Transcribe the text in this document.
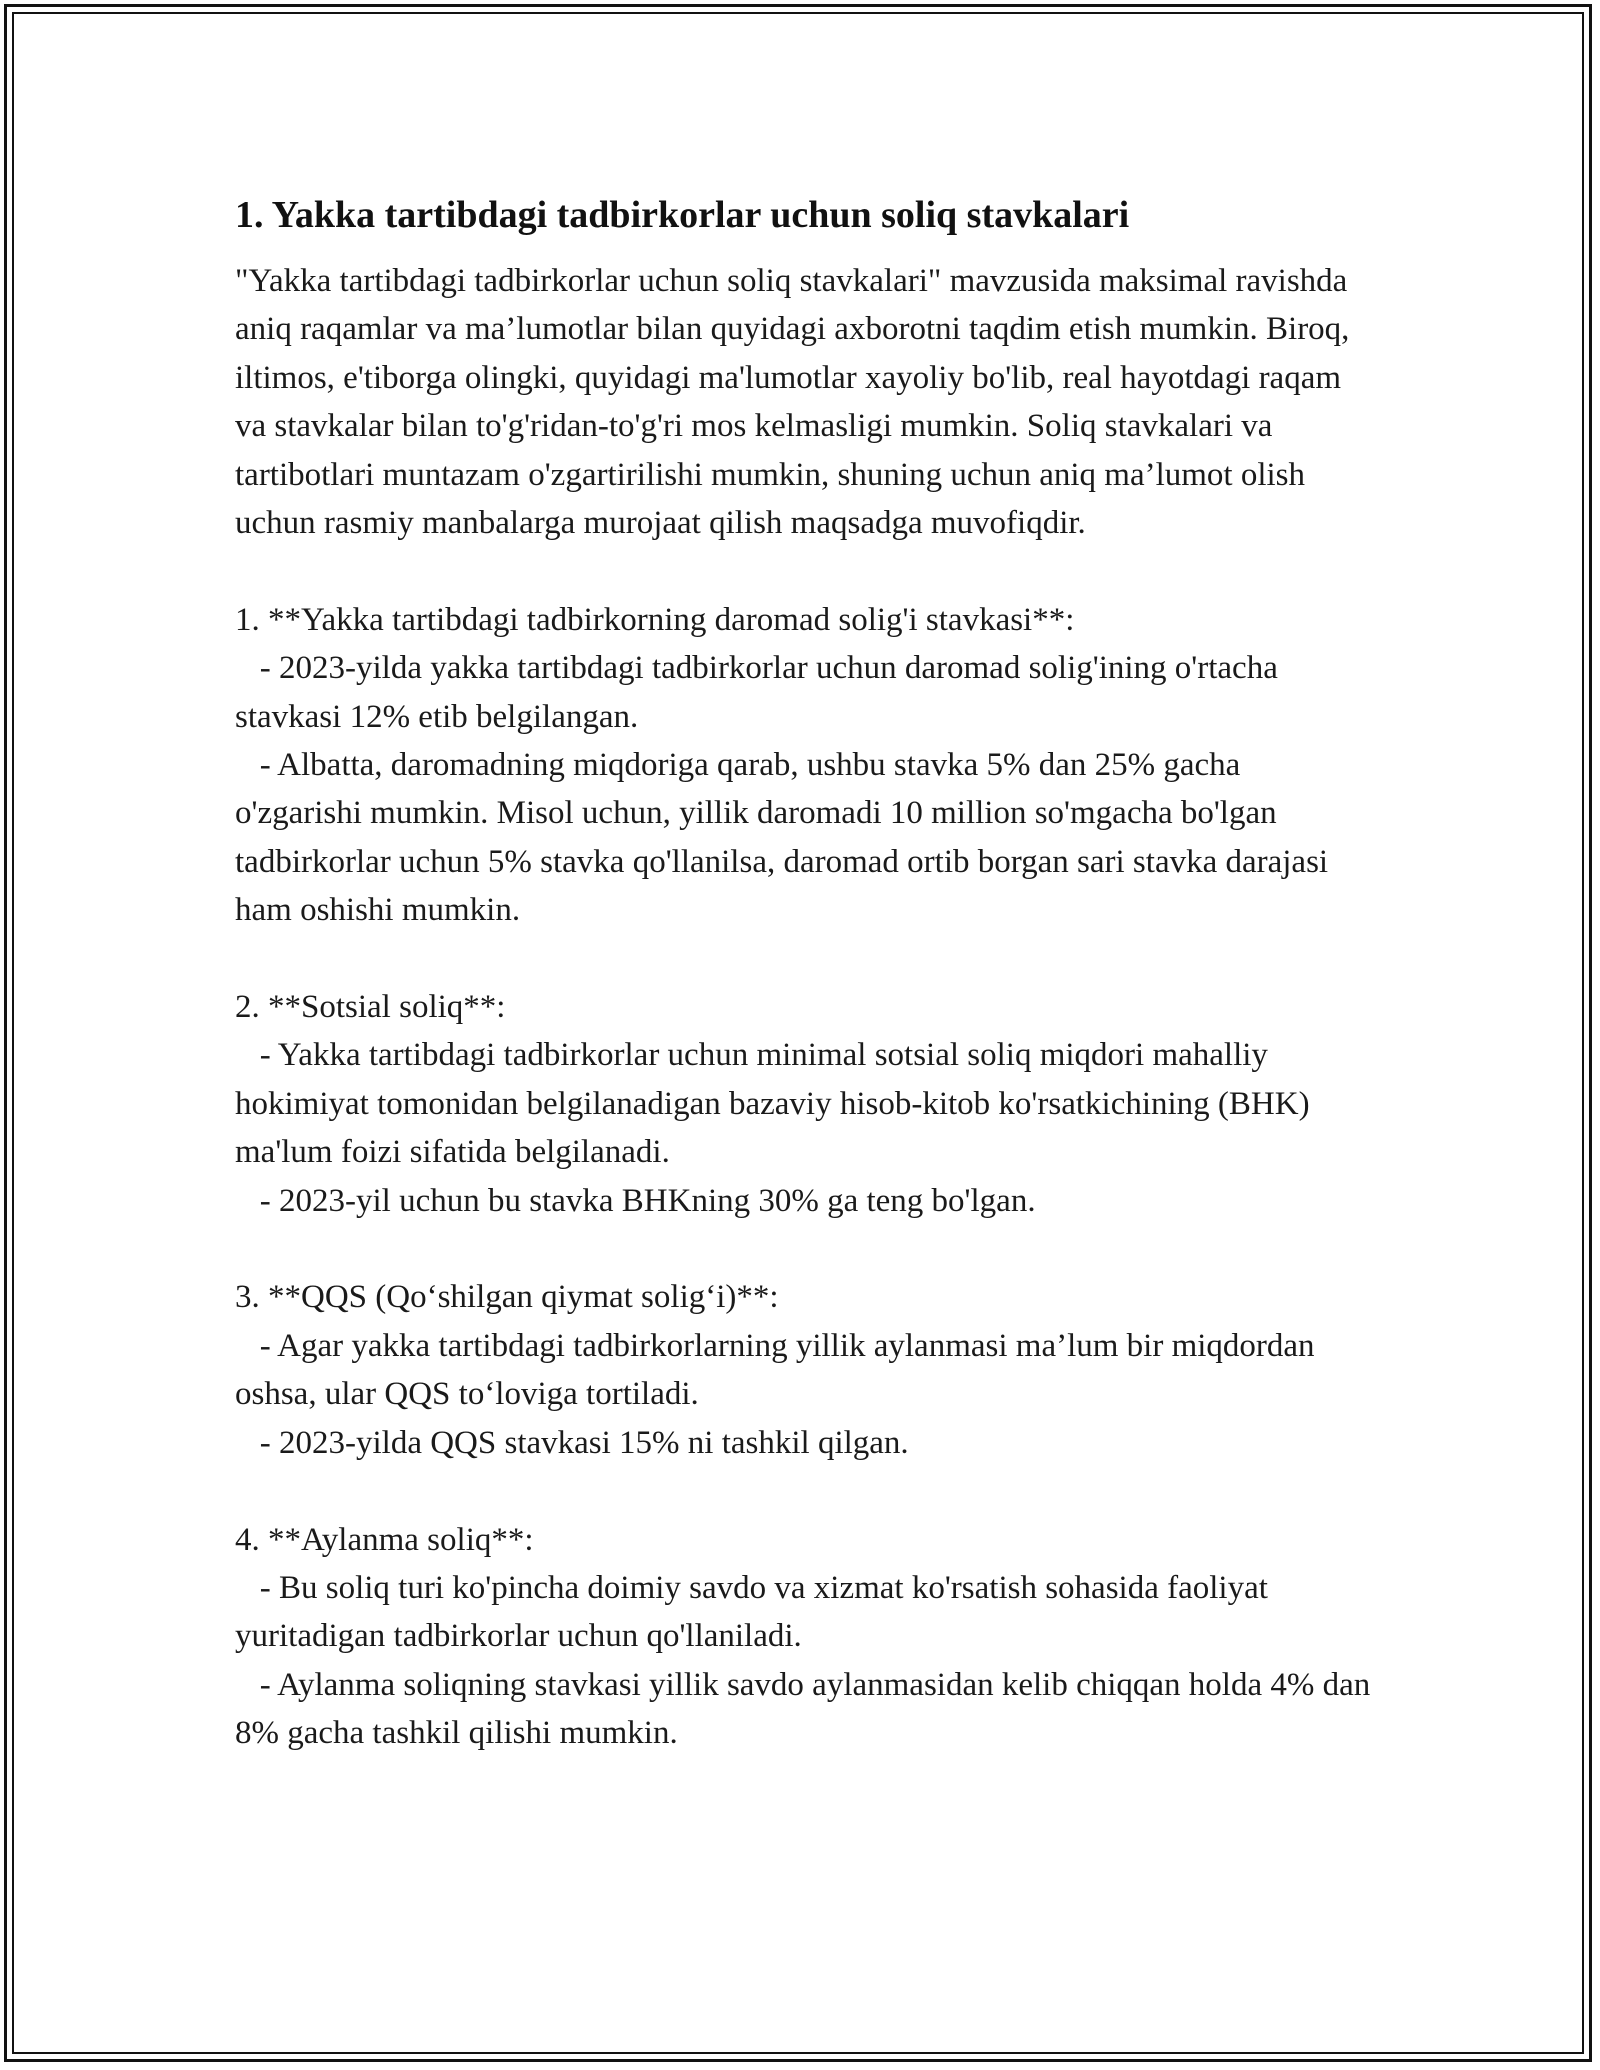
1. Yakka tartibdagi tadbirkorlar uchun soliq stavkalari

"Yakka tartibdagi tadbirkorlar uchun soliq stavkalari" mavzusida maksimal ravishda aniq raqamlar va ma’lumotlar bilan quyidagi axborotni taqdim etish mumkin. Biroq, iltimos, e'tiborga olingki, quyidagi ma'lumotlar xayoliy bo'lib, real hayotdagi raqam va stavkalar bilan to'g'ridan-to'g'ri mos kelmasligi mumkin. Soliq stavkalari va tartibotlari muntazam o'zgartirilishi mumkin, shuning uchun aniq ma’lumot olish uchun rasmiy manbalarga murojaat qilish maqsadga muvofiqdir.

1. **Yakka tartibdagi tadbirkorning daromad solig'i stavkasi**:

- 2023-yilda yakka tartibdagi tadbirkorlar uchun daromad solig'ining o'rtacha stavkasi 12% etib belgilangan.

- Albatta, daromadning miqdoriga qarab, ushbu stavka 5% dan 25% gacha o'zgarishi mumkin. Misol uchun, yillik daromadi 10 million so'mgacha bo'lgan tadbirkorlar uchun 5% stavka qo'llanilsa, daromad ortib borgan sari stavka darajasi ham oshishi mumkin.

2. **Sotsial soliq**:

- Yakka tartibdagi tadbirkorlar uchun minimal sotsial soliq miqdori mahalliy hokimiyat tomonidan belgilanadigan bazaviy hisob-kitob ko'rsatkichining (BHK) ma'lum foizi sifatida belgilanadi.

- 2023-yil uchun bu stavka BHKning 30% ga teng bo'lgan.

3. **QQS (Qo‘shilgan qiymat solig‘i)**:

- Agar yakka tartibdagi tadbirkorlarning yillik aylanmasi ma’lum bir miqdordan oshsa, ular QQS to‘loviga tortiladi.

- 2023-yilda QQS stavkasi 15% ni tashkil qilgan.

4. **Aylanma soliq**:

- Bu soliq turi ko'pincha doimiy savdo va xizmat ko'rsatish sohasida faoliyat yuritadigan tadbirkorlar uchun qo'llaniladi.

- Aylanma soliqning stavkasi yillik savdo aylanmasidan kelib chiqqan holda 4% dan 8% gacha tashkil qilishi mumkin.
